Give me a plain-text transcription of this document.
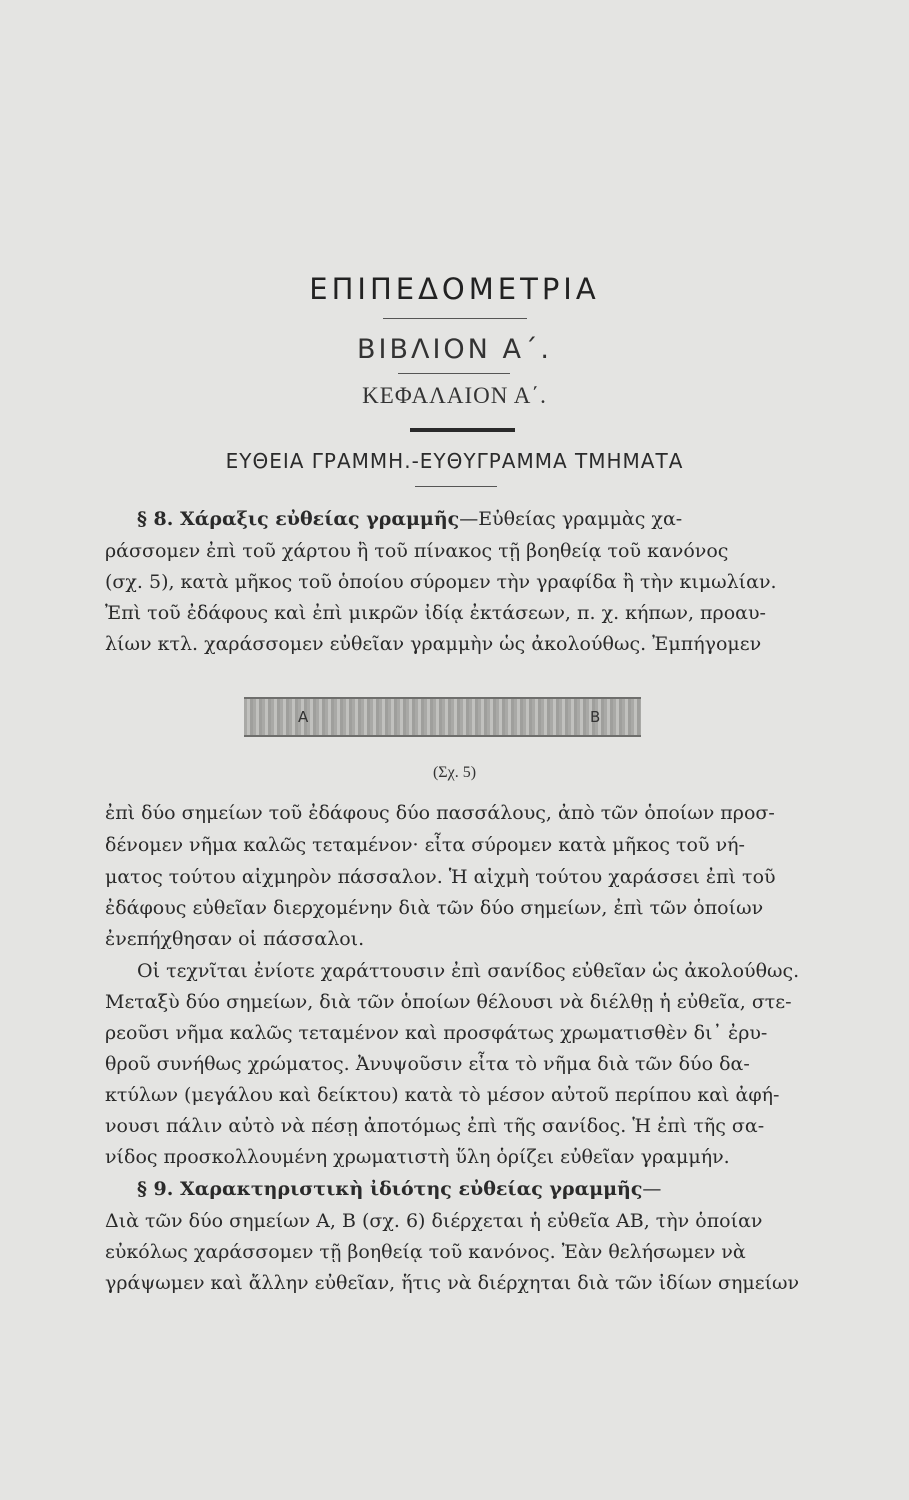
ΕΠΙΠΕΔΟΜΕΤΡΙΑ
ΒΙΒΛΙΟΝ Α΄.
ΚΕΦΑΛΑΙΟΝ Α΄.
ΕΥΘΕΙΑ ΓΡΑΜΜΗ.-ΕΥΘΥΓΡΑΜΜΑ ΤΜΗΜΑΤΑ
§ 8. Χάραξις εὐθείας γραμμῆς—Εὐθείας γραμμὰς χα-
ράσσομεν ἐπὶ τοῦ χάρτου ἢ τοῦ πίνακος τῇ βοηθείᾳ τοῦ κανόνος
(σχ. 5), κατὰ μῆκος τοῦ ὁποίου σύρομεν τὴν γραφίδα ἢ τὴν κιμωλίαν.
Ἐπὶ τοῦ ἐδάφους καὶ ἐπὶ μικρῶν ἰδίᾳ ἐκτάσεων, π. χ. κήπων, προαυ-
λίων κτλ. χαράσσομεν εὐθεῖαν γραμμὴν ὡς ἀκολούθως. Ἐμπήγομεν
A	B
(Σχ. 5)
ἐπὶ δύο σημείων τοῦ ἐδάφους δύο πασσάλους, ἀπὸ τῶν ὁποίων προσ-
δένομεν νῆμα καλῶς τεταμένον· εἶτα σύρομεν κατὰ μῆκος τοῦ νή-
ματος τούτου αἰχμηρὸν πάσσαλον. Ἡ αἰχμὴ τούτου χαράσσει ἐπὶ τοῦ
ἐδάφους εὐθεῖαν διερχομένην διὰ τῶν δύο σημείων, ἐπὶ τῶν ὁποίων
ἐνεπήχθησαν οἱ πάσσαλοι.
Οἱ τεχνῖται ἐνίοτε χαράττουσιν ἐπὶ σανίδος εὐθεῖαν ὡς ἀκολούθως.
Μεταξὺ δύο σημείων, διὰ τῶν ὁποίων θέλουσι νὰ διέλθῃ ἡ εὐθεῖα, στε-
ρεοῦσι νῆμα καλῶς τεταμένον καὶ προσφάτως χρωματισθὲν δι᾽ ἐρυ-
θροῦ συνήθως χρώματος. Ἀνυψοῦσιν εἶτα τὸ νῆμα διὰ τῶν δύο δα-
κτύλων (μεγάλου καὶ δείκτου) κατὰ τὸ μέσον αὐτοῦ περίπου καὶ ἀφή-
νουσι πάλιν αὐτὸ νὰ πέσῃ ἀποτόμως ἐπὶ τῆς σανίδος. Ἡ ἐπὶ τῆς σα-
νίδος προσκολλουμένη χρωματιστὴ ὕλη ὁρίζει εὐθεῖαν γραμμήν.
§ 9. Χαρακτηριστικὴ ἰδιότης εὐθείας γραμμῆς—
Διὰ τῶν δύο σημείων Α, Β (σχ. 6) διέρχεται ἡ εὐθεῖα ΑΒ, τὴν ὁποίαν
εὐκόλως χαράσσομεν τῇ βοηθείᾳ τοῦ κανόνος. Ἐὰν θελήσωμεν νὰ
γράψωμεν καὶ ἄλλην εὐθεῖαν, ἥτις νὰ διέρχηται διὰ τῶν ἰδίων σημείων
